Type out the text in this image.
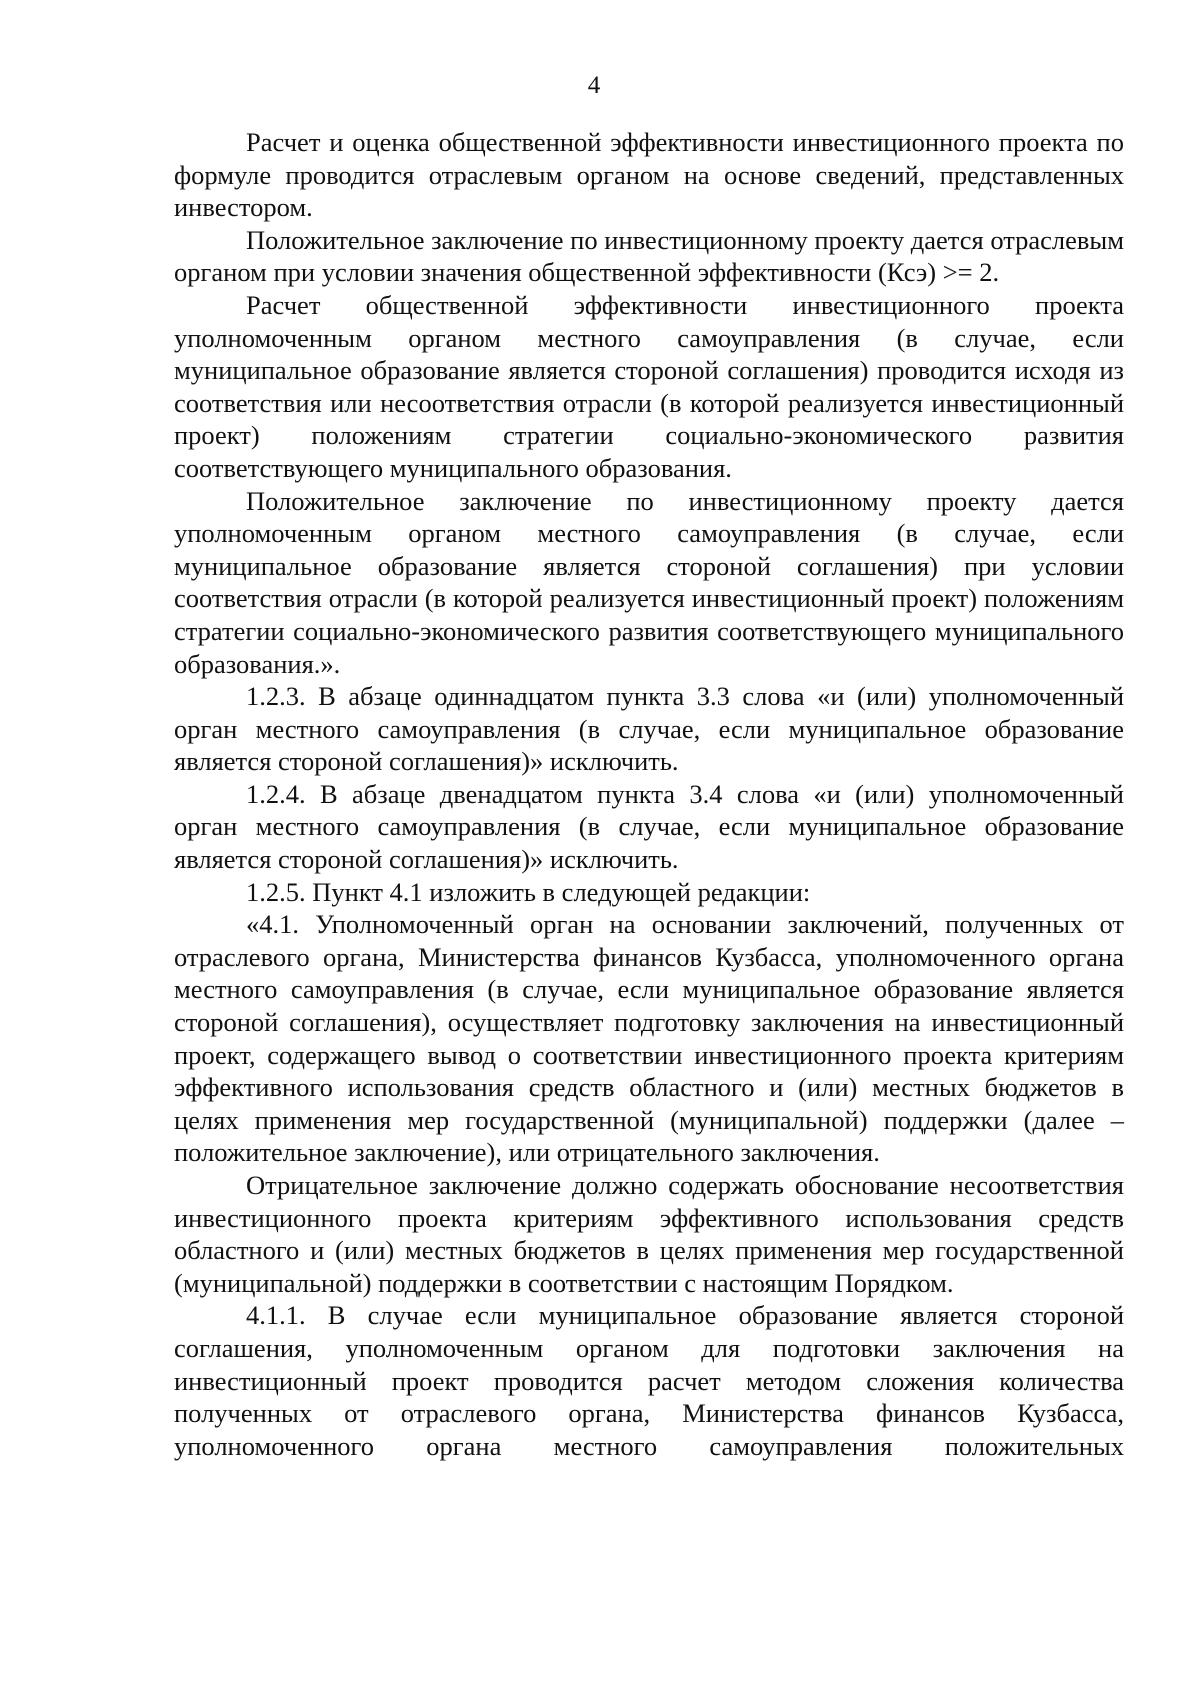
4

Расчет и оценка общественной эффективности инвестиционного проекта по формуле проводится отраслевым органом на основе сведений, представленных инвестором.

Положительное заключение по инвестиционному проекту дается отраслевым органом при условии значения общественной эффективности (Ксэ) >= 2.

Расчет общественной эффективности инвестиционного проекта уполномоченным органом местного самоуправления (в случае, если муниципальное образование является стороной соглашения) проводится исходя из соответствия или несоответствия отрасли (в которой реализуется инвестиционный проект) положениям стратегии социально-экономического развития соответствующего муниципального образования.

Положительное заключение по инвестиционному проекту дается уполномоченным органом местного самоуправления (в случае, если муниципальное образование является стороной соглашения) при условии соответствия отрасли (в которой реализуется инвестиционный проект) положениям стратегии социально-экономического развития соответствующего муниципального образования.».

1.2.3. В абзаце одиннадцатом пункта 3.3 слова «и (или) уполномоченный орган местного самоуправления (в случае, если муниципальное образование является стороной соглашения)» исключить.

1.2.4. В абзаце двенадцатом пункта 3.4 слова «и (или) уполномоченный орган местного самоуправления (в случае, если муниципальное образование является стороной соглашения)» исключить.

1.2.5. Пункт 4.1 изложить в следующей редакции:

«4.1. Уполномоченный орган на основании заключений, полученных от отраслевого органа, Министерства финансов Кузбасса, уполномоченного органа местного самоуправления (в случае, если муниципальное образование является стороной соглашения), осуществляет подготовку заключения на инвестиционный проект, содержащего вывод о соответствии инвестиционного проекта критериям эффективного использования средств областного и (или) местных бюджетов в целях применения мер государственной (муниципальной) поддержки (далее – положительное заключение), или отрицательного заключения.

Отрицательное заключение должно содержать обоснование несоответствия инвестиционного проекта критериям эффективного использования средств областного и (или) местных бюджетов в целях применения мер государственной (муниципальной) поддержки в соответствии с настоящим Порядком.

4.1.1. В случае если муниципальное образование является стороной соглашения, уполномоченным органом для подготовки заключения на инвестиционный проект проводится расчет методом сложения количества полученных от отраслевого органа, Министерства финансов Кузбасса, уполномоченного органа местного самоуправления положительных
